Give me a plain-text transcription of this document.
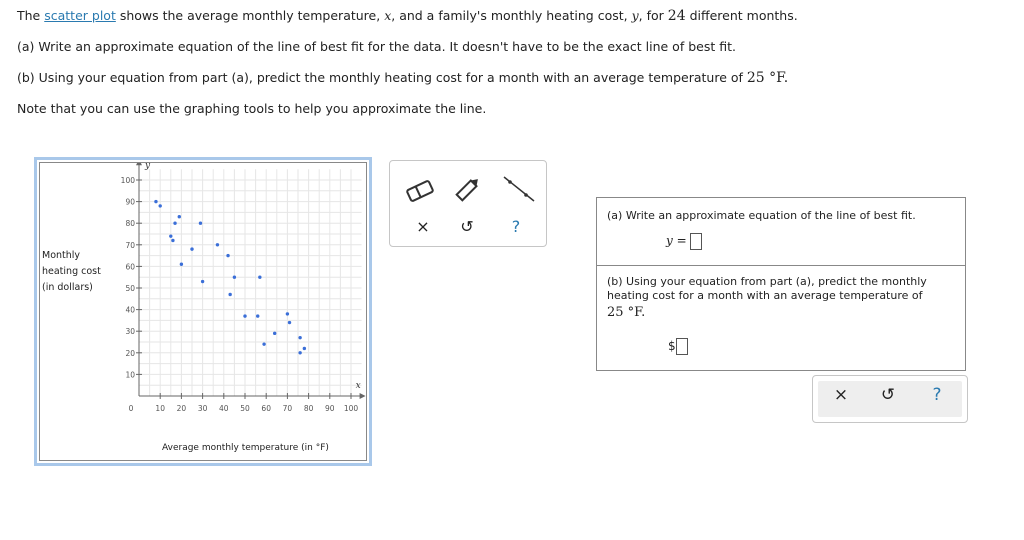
The scatter plot shows the average monthly temperature, x, and a family's monthly heating cost, y, for 24 different months.
(a) Write an approximate equation of the line of best fit for the data. It doesn't have to be the exact line of best fit.
(b) Using your equation from part (a), predict the monthly heating cost for a month with an average temperature of 25 °F.
Note that you can use the graphing tools to help you approximate the line.
x
y
10 20 30 40 50 60 70 80 90 100
10
20
30
40
50
60
70
80
90
100
0
Monthly
heating cost
(in dollars)
Average monthly temperature (in °F)
×	↺	?
(a) Write an approximate equation of the line of best fit.
y =
(b) Using your equation from part (a), predict the monthly heating cost for a month with an average temperature of
25 °F.
$
× ↺	?
